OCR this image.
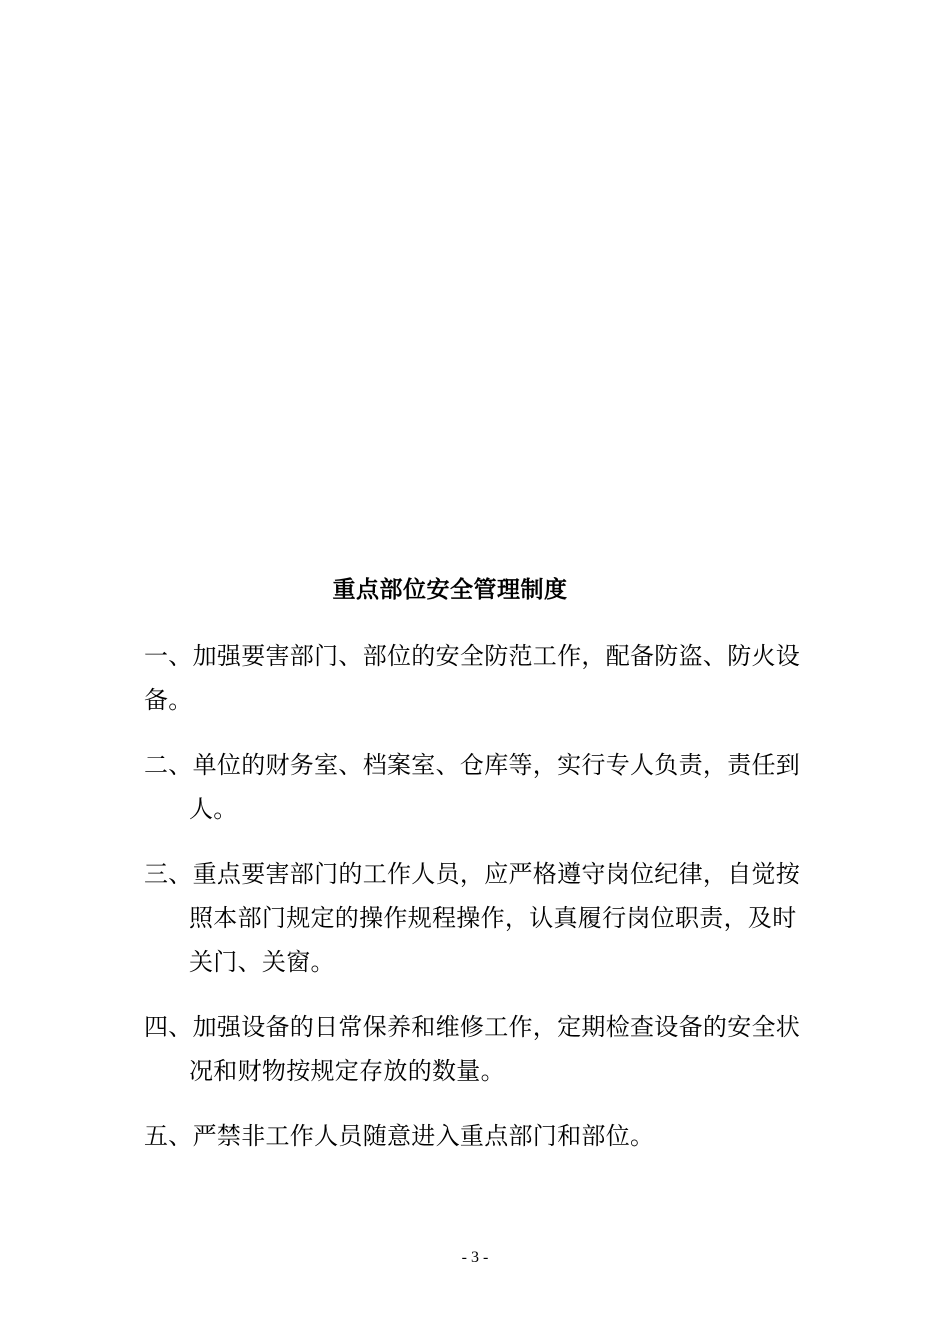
重点部位安全管理制度
一、加强要害部门、部位的安全防范工作，配备防盗、防火设备。
二、单位的财务室、档案室、仓库等，实行专人负责，责任到人。
三、重点要害部门的工作人员，应严格遵守岗位纪律，自觉按照本部门规定的操作规程操作，认真履行岗位职责，及时关门、关窗。
四、加强设备的日常保养和维修工作，定期检查设备的安全状况和财物按规定存放的数量。
五、严禁非工作人员随意进入重点部门和部位。
- 3 -
